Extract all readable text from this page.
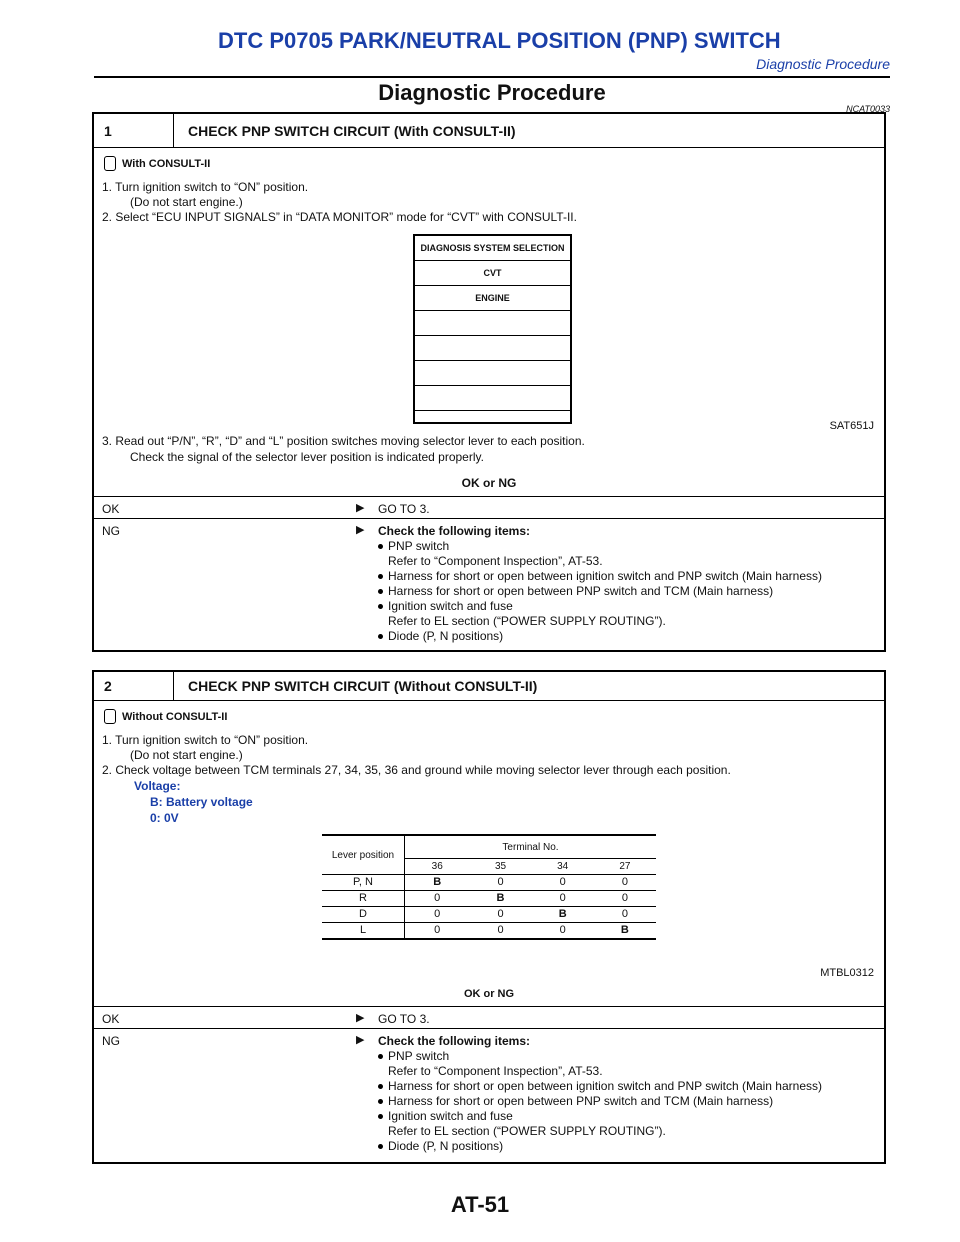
DTC P0705 PARK/NEUTRAL POSITION (PNP) SWITCH
Diagnostic Procedure
Diagnostic Procedure
NCAT0033
1	CHECK PNP SWITCH CIRCUIT (With CONSULT-II)
With CONSULT-II
1. Turn ignition switch to “ON” position.
(Do not start engine.)
2. Select “ECU INPUT SIGNALS” in “DATA MONITOR” mode for “CVT” with CONSULT-II.
DIAGNOSIS SYSTEM SELECTION
CVT
ENGINE
SAT651J
3. Read out “P/N”, “R”, “D” and “L” position switches moving selector lever to each position.
Check the signal of the selector lever position is indicated properly.
OK or NG
OK	▶ GO TO 3.
NG	▶ Check the following items:
PNP switch
Refer to “Component Inspection”, AT-53.
Harness for short or open between ignition switch and PNP switch (Main harness)
Harness for short or open between PNP switch and TCM (Main harness)
Ignition switch and fuse
Refer to EL section (“POWER SUPPLY ROUTING”).
Diode (P, N positions)
2	CHECK PNP SWITCH CIRCUIT (Without CONSULT-II)
Without CONSULT-II
1. Turn ignition switch to “ON” position.
(Do not start engine.)
2. Check voltage between TCM terminals 27, 34, 35, 36 and ground while moving selector lever through each position.
Voltage:
B: Battery voltage
0: 0V
Lever position	Terminal No.			
	36	35	34	27
P, N	B	0	0	0
R	0	B	0	0
D	0	0	B	0
L	0	0	0	B
MTBL0312
OK or NG
OK	▶ GO TO 3.
NG	▶ Check the following items:
PNP switch
Refer to “Component Inspection”, AT-53.
Harness for short or open between ignition switch and PNP switch (Main harness)
Harness for short or open between PNP switch and TCM (Main harness)
Ignition switch and fuse
Refer to EL section (“POWER SUPPLY ROUTING”).
Diode (P, N positions)
AT-51
